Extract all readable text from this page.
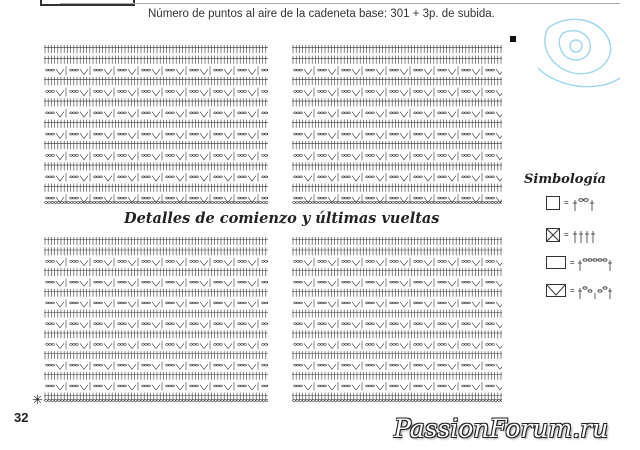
Número de puntos al aire de la cadeneta base: 301 + 3p. de subida.
Detalles de comienzo y últimas vueltas
Simbología
=
=
=
=
✳
32	PassionForum.ru
